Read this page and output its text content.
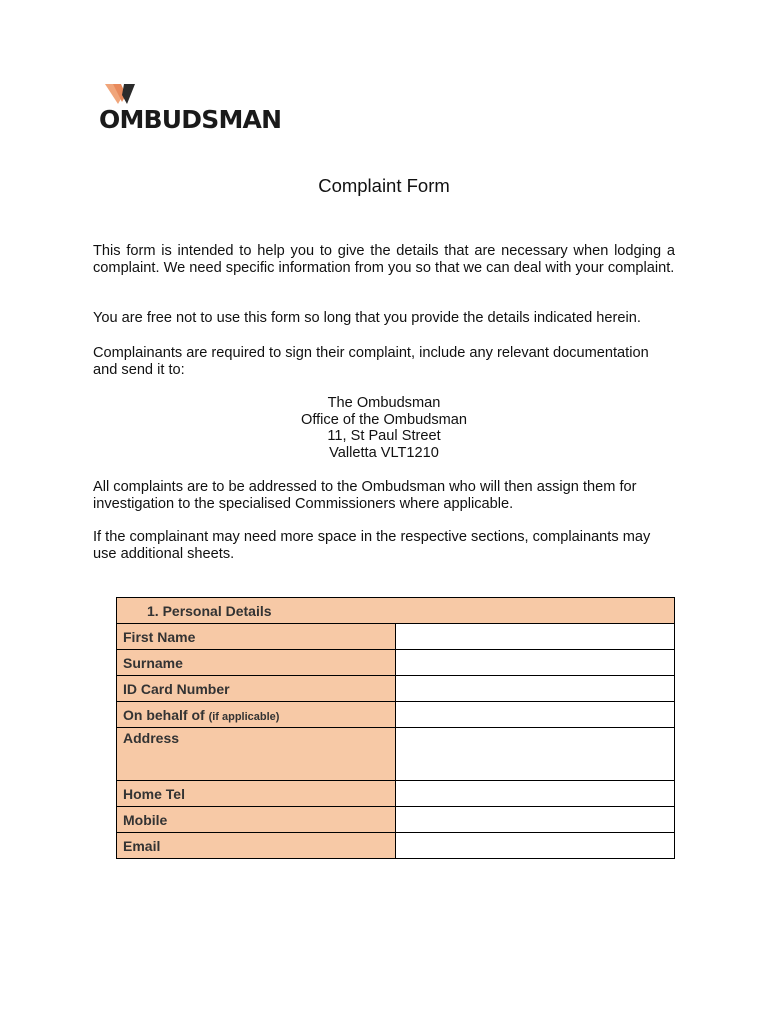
OMBUDSMAN
Complaint Form

This form is intended to help you to give the details that are necessary when lodging a complaint. We need specific information from you so that we can deal with your complaint.

You are free not to use this form so long that you provide the details indicated herein.

Complainants are required to sign their complaint, include any relevant documentation and send it to:

The Ombudsman
Office of the Ombudsman
11, St Paul Street
Valletta VLT1210

All complaints are to be addressed to the Ombudsman who will then assign them for investigation to the specialised Commissioners where applicable.

If the complainant may need more space in the respective sections, complainants may use additional sheets.

1. Personal Details	
First Name	
Surname	
ID Card Number	
On behalf of (if applicable)	
Address	
Home Tel	
Mobile	
Email	
